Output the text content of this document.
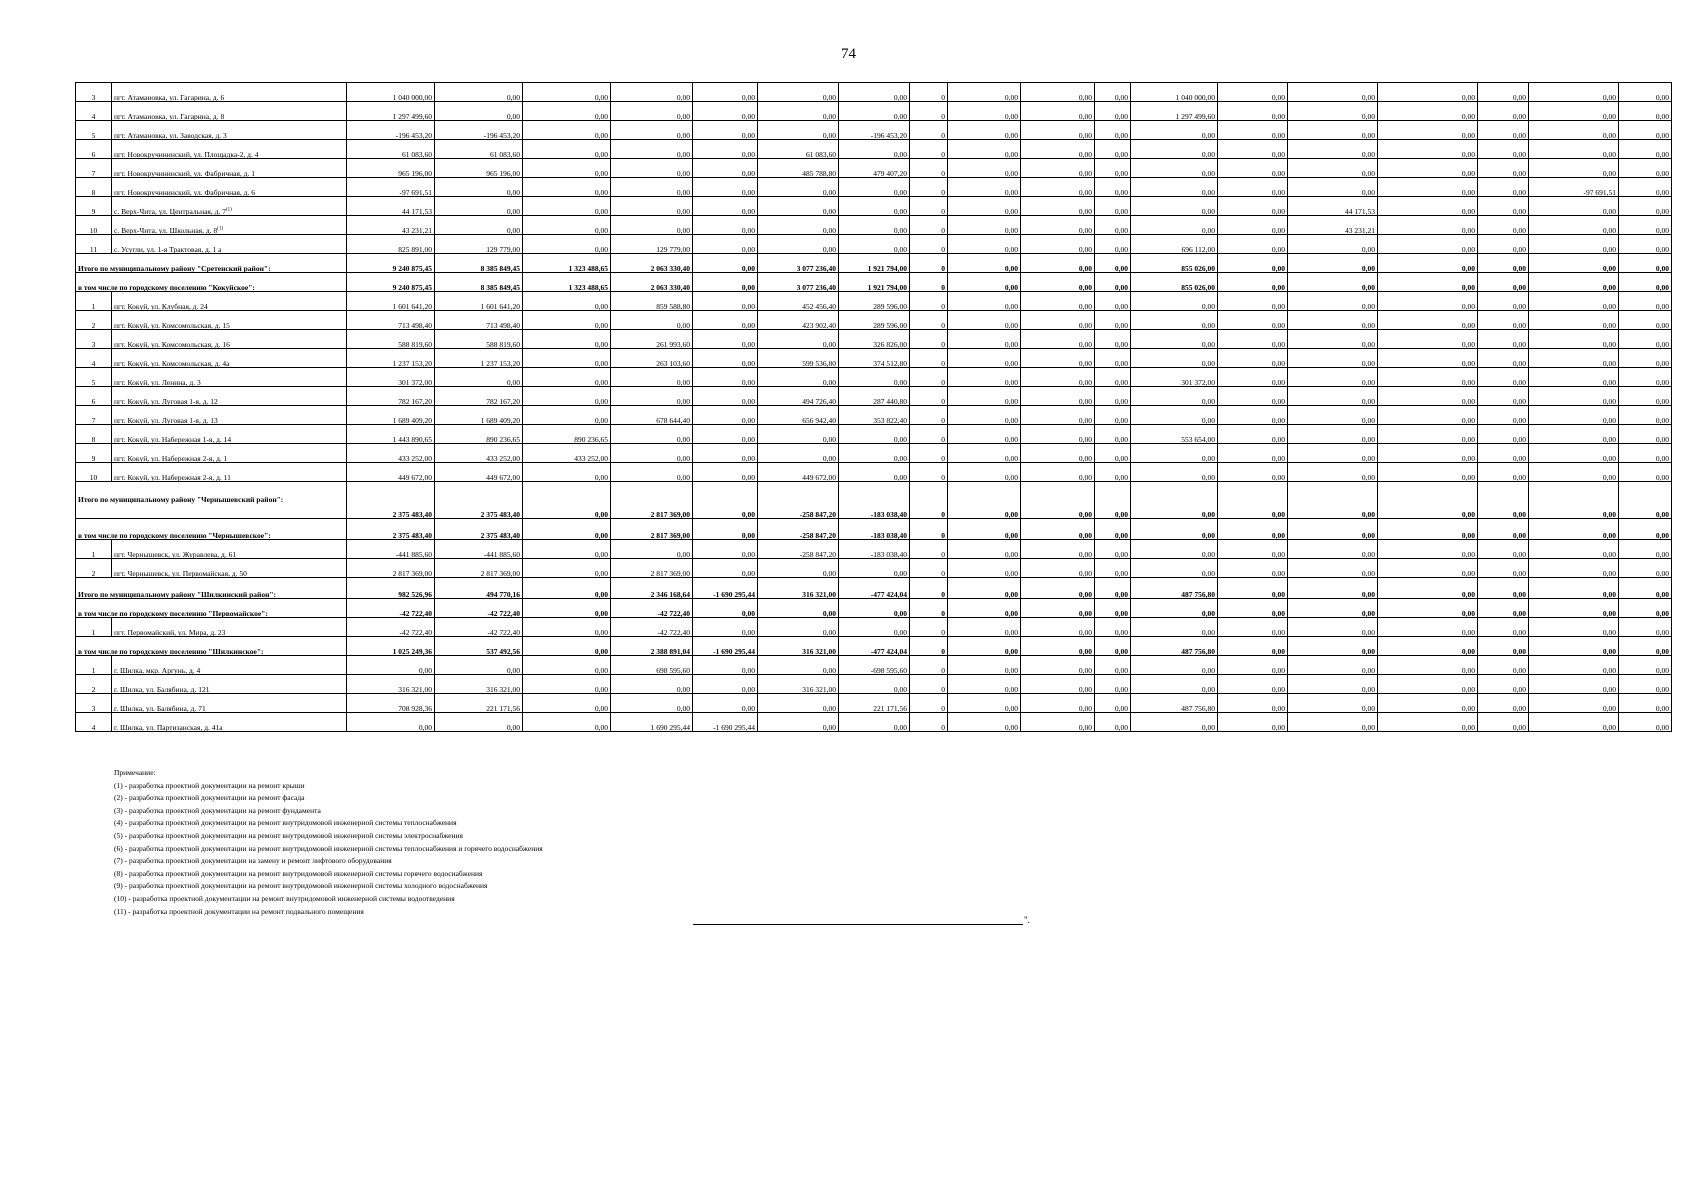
74
3	пгт. Атамановка, ул. Гагарина, д. 6	1 040 000,00	0,00	0,00	0,00	0,00	0,00	0,00	0	0,00	0,00	0,00	1 040 000,00	0,00	0,00	0,00	0,00	0,00	0,00
4	пгт. Атамановка, ул. Гагарина, д. 8	1 297 499,60	0,00	0,00	0,00	0,00	0,00	0,00	0	0,00	0,00	0,00	1 297 499,60	0,00	0,00	0,00	0,00	0,00	0,00
5	пгт. Атамановка, ул. Заводская, д. 3	-196 453,20	-196 453,20	0,00	0,00	0,00	0,00	-196 453,20	0	0,00	0,00	0,00	0,00	0,00	0,00	0,00	0,00	0,00	0,00
6	пгт. Новокручининский, ул. Площадка-2, д. 4	61 083,60	61 083,60	0,00	0,00	0,00	61 083,60	0,00	0	0,00	0,00	0,00	0,00	0,00	0,00	0,00	0,00	0,00	0,00
7	пгт. Новокручининский, ул. Фабричная, д. 1	965 196,00	965 196,00	0,00	0,00	0,00	485 788,80	479 407,20	0	0,00	0,00	0,00	0,00	0,00	0,00	0,00	0,00	0,00	0,00
8	пгт. Новокручининский, ул. Фабричная, д. 6	-97 691,51	0,00	0,00	0,00	0,00	0,00	0,00	0	0,00	0,00	0,00	0,00	0,00	0,00	0,00	0,00	-97 691,51	0,00
9	с. Верх-Чита, ул. Центральная, д. 7$^{(1)}$	44 171,53	0,00	0,00	0,00	0,00	0,00	0,00	0	0,00	0,00	0,00	0,00	0,00	44 171,53	0,00	0,00	0,00	0,00
10	с. Верх-Чита, ул. Школьная, д. 8$^{(1)}$	43 231,21	0,00	0,00	0,00	0,00	0,00	0,00	0	0,00	0,00	0,00	0,00	0,00	43 231,21	0,00	0,00	0,00	0,00
11	с. Усугли, ул. 1-я Трактовая, д. 1 а	825 891,00	129 779,00	0,00	129 779,00	0,00	0,00	0,00	0	0,00	0,00	0,00	696 112,00	0,00	0,00	0,00	0,00	0,00	0,00
Итого по муниципальному району "Сретенский район":		9 240 875,45	8 385 849,45	1 323 488,65	2 063 330,40	0,00	3 077 236,40	1 921 794,00	0	0,00	0,00	0,00	855 026,00	0,00	0,00	0,00	0,00	0,00	0,00
в том числе по городскому поселению "Кокуйское":		9 240 875,45	8 385 849,45	1 323 488,65	2 063 330,40	0,00	3 077 236,40	1 921 794,00	0	0,00	0,00	0,00	855 026,00	0,00	0,00	0,00	0,00	0,00	0,00
1	пгт. Кокуй, ул. Клубная, д. 24	1 601 641,20	1 601 641,20	0,00	859 588,80	0,00	452 456,40	289 596,00	0	0,00	0,00	0,00	0,00	0,00	0,00	0,00	0,00	0,00	0,00
2	пгт. Кокуй, ул. Комсомольская, д. 15	713 498,40	713 498,40	0,00	0,00	0,00	423 902,40	289 596,00	0	0,00	0,00	0,00	0,00	0,00	0,00	0,00	0,00	0,00	0,00
3	пгт. Кокуй, ул. Комсомольская, д. 16	588 819,60	588 819,60	0,00	261 993,60	0,00	0,00	326 826,00	0	0,00	0,00	0,00	0,00	0,00	0,00	0,00	0,00	0,00	0,00
4	пгт. Кокуй, ул. Комсомольская, д. 4а	1 237 153,20	1 237 153,20	0,00	263 103,60	0,00	599 536,80	374 512,80	0	0,00	0,00	0,00	0,00	0,00	0,00	0,00	0,00	0,00	0,00
5	пгт. Кокуй, ул. Ленина, д. 3	301 372,00	0,00	0,00	0,00	0,00	0,00	0,00	0	0,00	0,00	0,00	301 372,00	0,00	0,00	0,00	0,00	0,00	0,00
6	пгт. Кокуй, ул. Луговая 1-я, д. 12	782 167,20	782 167,20	0,00	0,00	0,00	494 726,40	287 440,80	0	0,00	0,00	0,00	0,00	0,00	0,00	0,00	0,00	0,00	0,00
7	пгт. Кокуй, ул. Луговая 1-я, д. 13	1 689 409,20	1 689 409,20	0,00	678 644,40	0,00	656 942,40	353 822,40	0	0,00	0,00	0,00	0,00	0,00	0,00	0,00	0,00	0,00	0,00
8	пгт. Кокуй, ул. Набережная 1-я, д. 14	1 443 890,65	890 236,65	890 236,65	0,00	0,00	0,00	0,00	0	0,00	0,00	0,00	553 654,00	0,00	0,00	0,00	0,00	0,00	0,00
9	пгт. Кокуй, ул. Набережная 2-я, д. 1	433 252,00	433 252,00	433 252,00	0,00	0,00	0,00	0,00	0	0,00	0,00	0,00	0,00	0,00	0,00	0,00	0,00	0,00	0,00
10	пгт. Кокуй, ул. Набережная 2-я, д. 11	449 672,00	449 672,00	0,00	0,00	0,00	449 672,00	0,00	0	0,00	0,00	0,00	0,00	0,00	0,00	0,00	0,00	0,00	0,00
Итого по муниципальному району "Чернышевский район":		2 375 483,40	2 375 483,40	0,00	2 817 369,00	0,00	-258 847,20	-183 038,40	0	0,00	0,00	0,00	0,00	0,00	0,00	0,00	0,00	0,00	0,00
в том числе по городскому поселению "Чернышевское":		2 375 483,40	2 375 483,40	0,00	2 817 369,00	0,00	-258 847,20	-183 038,40	0	0,00	0,00	0,00	0,00	0,00	0,00	0,00	0,00	0,00	0,00
1	пгт. Чернышевск, ул. Журавлева, д. 61	-441 885,60	-441 885,60	0,00	0,00	0,00	-258 847,20	-183 038,40	0	0,00	0,00	0,00	0,00	0,00	0,00	0,00	0,00	0,00	0,00
2	пгт. Чернышевск, ул. Первомайская, д. 50	2 817 369,00	2 817 369,00	0,00	2 817 369,00	0,00	0,00	0,00	0	0,00	0,00	0,00	0,00	0,00	0,00	0,00	0,00	0,00	0,00
Итого по муниципальному району "Шилкинский район":		982 526,96	494 770,16	0,00	2 346 168,64	-1 690 295,44	316 321,00	-477 424,04	0	0,00	0,00	0,00	487 756,80	0,00	0,00	0,00	0,00	0,00	0,00
в том числе по городскому поселению "Первомайское":		-42 722,40	-42 722,40	0,00	-42 722,40	0,00	0,00	0,00	0	0,00	0,00	0,00	0,00	0,00	0,00	0,00	0,00	0,00	0,00
1	пгт. Первомайский, ул. Мира, д. 23	-42 722,40	-42 722,40	0,00	-42 722,40	0,00	0,00	0,00	0	0,00	0,00	0,00	0,00	0,00	0,00	0,00	0,00	0,00	0,00
в том числе по городскому поселению "Шилкинское":		1 025 249,36	537 492,56	0,00	2 388 891,04	-1 690 295,44	316 321,00	-477 424,04	0	0,00	0,00	0,00	487 756,80	0,00	0,00	0,00	0,00	0,00	0,00
1	г. Шилка, мкр. Аргунь, д. 4	0,00	0,00	0,00	698 595,60	0,00	0,00	-698 595,60	0	0,00	0,00	0,00	0,00	0,00	0,00	0,00	0,00	0,00	0,00
2	г. Шилка, ул. Балябина, д. 121	316 321,00	316 321,00	0,00	0,00	0,00	316 321,00	0,00	0	0,00	0,00	0,00	0,00	0,00	0,00	0,00	0,00	0,00	0,00
3	г. Шилка, ул. Балябина, д. 71	708 928,36	221 171,56	0,00	0,00	0,00	0,00	221 171,56	0	0,00	0,00	0,00	487 756,80	0,00	0,00	0,00	0,00	0,00	0,00
4	г. Шилка, ул. Партизанская, д. 41а	0,00	0,00	0,00	1 690 295,44	-1 690 295,44	0,00	0,00	0	0,00	0,00	0,00	0,00	0,00	0,00	0,00	0,00	0,00	0,00
Примечание:
(1) - разработка проектной документации на ремонт крыши
(2) - разработка проектной документации на ремонт фасада
(3) - разработка проектной документации на ремонт фундамента
(4) - разработка проектной документации на ремонт внутридомовой инженерной системы теплоснабжения
(5) - разработка проектной документации на ремонт внутридомовой инженерной системы электроснабжения
(6) - разработка проектной документации на ремонт внутридомовой инженерной системы теплоснабжения и горячего водоснабжения
(7) - разработка проектной документации на замену и ремонт лифтового оборудования
(8) - разработка проектной документации на ремонт внутридомовой инженерной системы горячего водоснабжения
(9) - разработка проектной документации на ремонт внутридомовой инженерной системы холодного водоснабжения
(10) - разработка проектной документации на ремонт внутридомовой инженерной системы водоотведения
(11) - разработка проектной документации на ремонт подвального помещения
".
